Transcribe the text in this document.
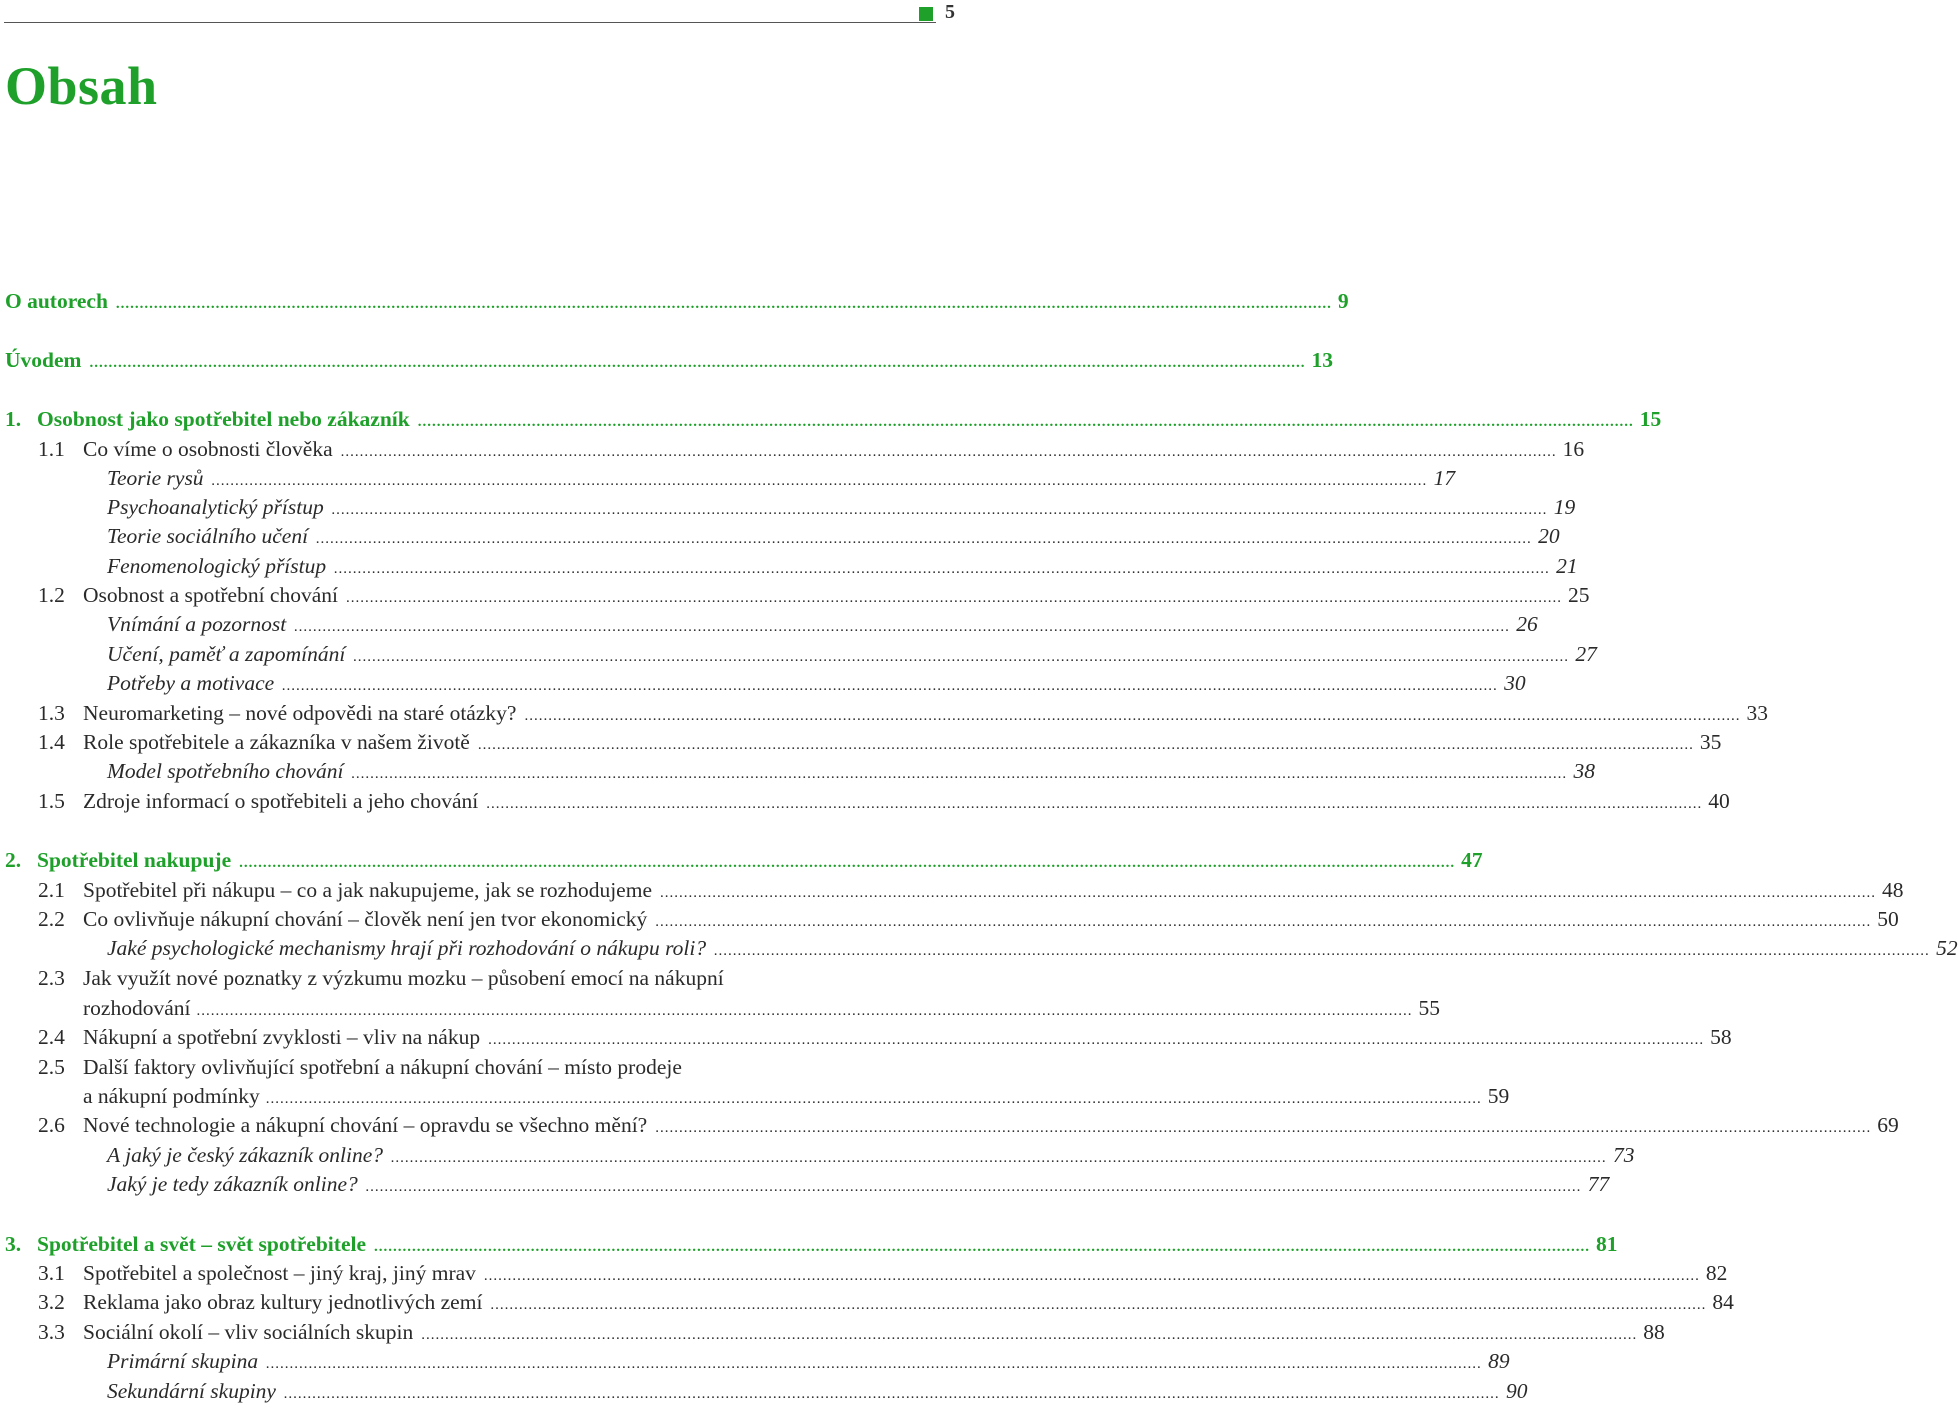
5
Obsah
O autorech .....	9
Úvodem .....	13
1. Osobnost jako spotřebitel nebo zákazník .....	15
1.1 Co víme o osobnosti člověka .....	16
Teorie rysů .....	17
Psychoanalytický přístup .....	19
Teorie sociálního učení .....	20
Fenomenologický přístup .....	21
1.2 Osobnost a spotřební chování .....	25
Vnímání a pozornost .....	26
Učení, paměť a zapomínání .....	27
Potřeby a motivace .....	30
1.3 Neuromarketing – nové odpovědi na staré otázky? .....	33
1.4 Role spotřebitele a zákazníka v našem životě .....	35
Model spotřebního chování .....	38
1.5 Zdroje informací o spotřebiteli a jeho chování .....	40
2. Spotřebitel nakupuje .....	47
2.1 Spotřebitel při nákupu – co a jak nakupujeme, jak se rozhodujeme .....	48
2.2 Co ovlivňuje nákupní chování – člověk není jen tvor ekonomický .....	50
Jaké psychologické mechanismy hrají při rozhodování o nákupu roli? .....	52
2.3 Jak využít nové poznatky z výzkumu mozku – působení emocí na nákupní
rozhodování .....	55
2.4 Nákupní a spotřební zvyklosti – vliv na nákup .....	58
2.5 Další faktory ovlivňující spotřební a nákupní chování – místo prodeje
a nákupní podmínky .....	59
2.6 Nové technologie a nákupní chování – opravdu se všechno mění? .....	69
A jaký je český zákazník online? .....	73
Jaký je tedy zákazník online? .....	77
3. Spotřebitel a svět – svět spotřebitele .....	81
3.1 Spotřebitel a společnost – jiný kraj, jiný mrav .....	82
3.2 Reklama jako obraz kultury jednotlivých zemí .....	84
3.3 Sociální okolí – vliv sociálních skupin .....	88
Primární skupina .....	89
Sekundární skupiny .....	90
